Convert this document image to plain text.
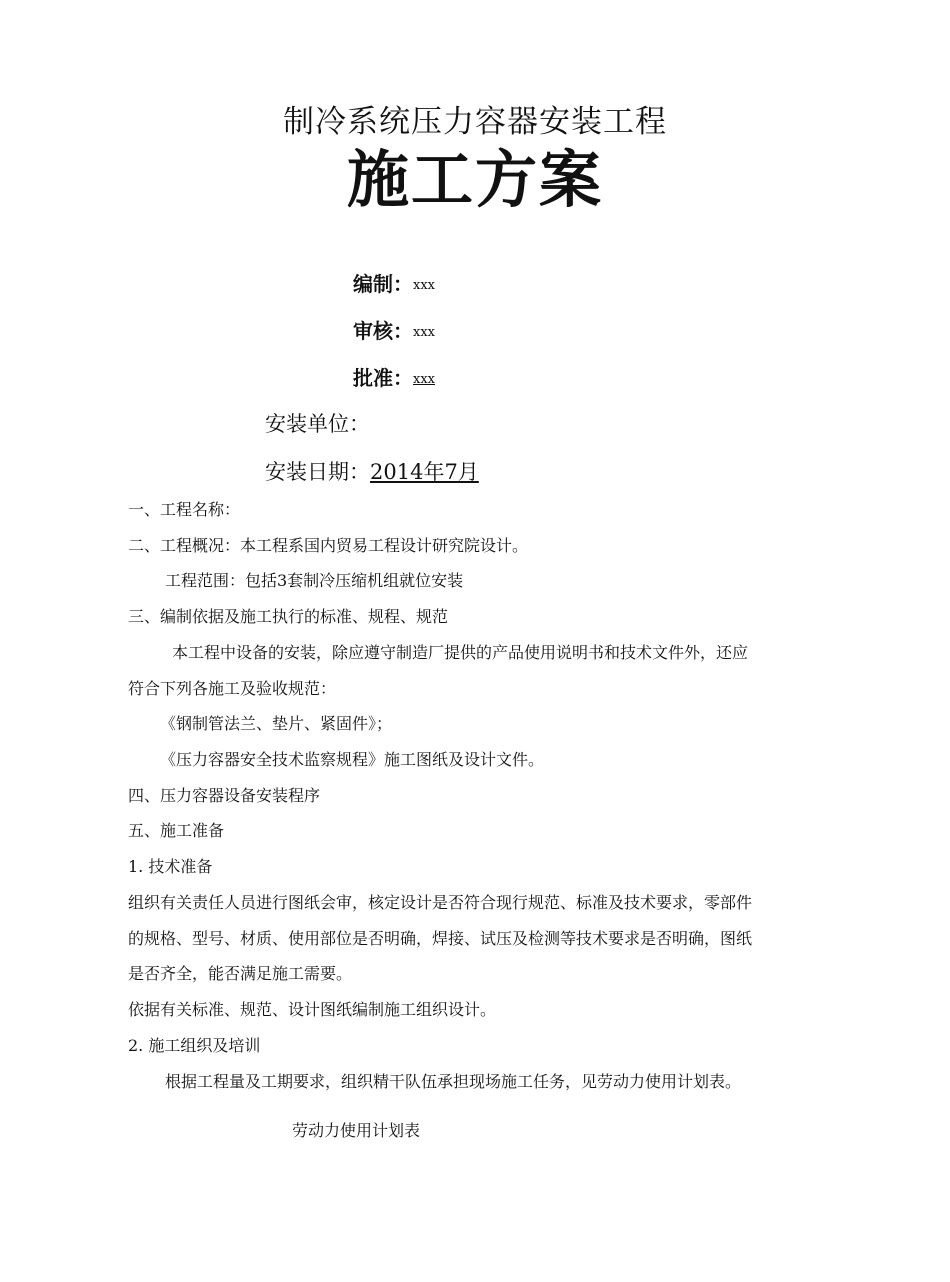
制冷系统压力容器安装工程
施工方案
编制：xxx
审核：xxx
批准：xxx
安装单位：
安装日期：2014年7月
一、工程名称：
二、工程概况：本工程系国内贸易工程设计研究院设计。
工程范围：包括3套制冷压缩机组就位安装
三、编制依据及施工执行的标准、规程、规范
本工程中设备的安装，除应遵守制造厂提供的产品使用说明书和技术文件外，还应
符合下列各施工及验收规范：
《钢制管法兰、垫片、紧固件》；
《压力容器安全技术监察规程》施工图纸及设计文件。
四、压力容器设备安装程序
五、施工准备
1. 技术准备
组织有关责任人员进行图纸会审，核定设计是否符合现行规范、标准及技术要求，零部件
的规格、型号、材质、使用部位是否明确，焊接、试压及检测等技术要求是否明确，图纸
是否齐全，能否满足施工需要。
依据有关标准、规范、设计图纸编制施工组织设计。
2. 施工组织及培训
根据工程量及工期要求，组织精干队伍承担现场施工任务，见劳动力使用计划表。
劳动力使用计划表
